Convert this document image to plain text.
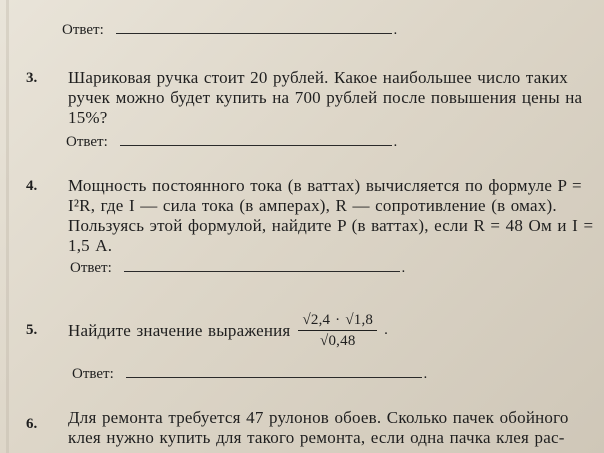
Ответ:	.
3.	Шариковая ручка стоит 20 рублей. Какое наибольшее число таких ручек можно будет купить на 700 рублей после повышения цены на 15%?
Ответ:	.
4.	Мощность постоянного тока (в ваттах) вычисляется по формуле P = I²R, где I — сила тока (в амперах), R — сопротивление (в омах). Пользуясь этой формулой, найдите P (в ваттах), если R = 48 Ом и I = 1,5 А.
Ответ:	.
5.	Найдите значение выражения $\frac{√2,4 \cdot √1,8}{√0,48}$ .
Ответ:	.
6.	Для ремонта требуется 47 рулонов обоев. Сколько пачек обойного клея нужно купить для такого ремонта, если одна пачка клея рас-
